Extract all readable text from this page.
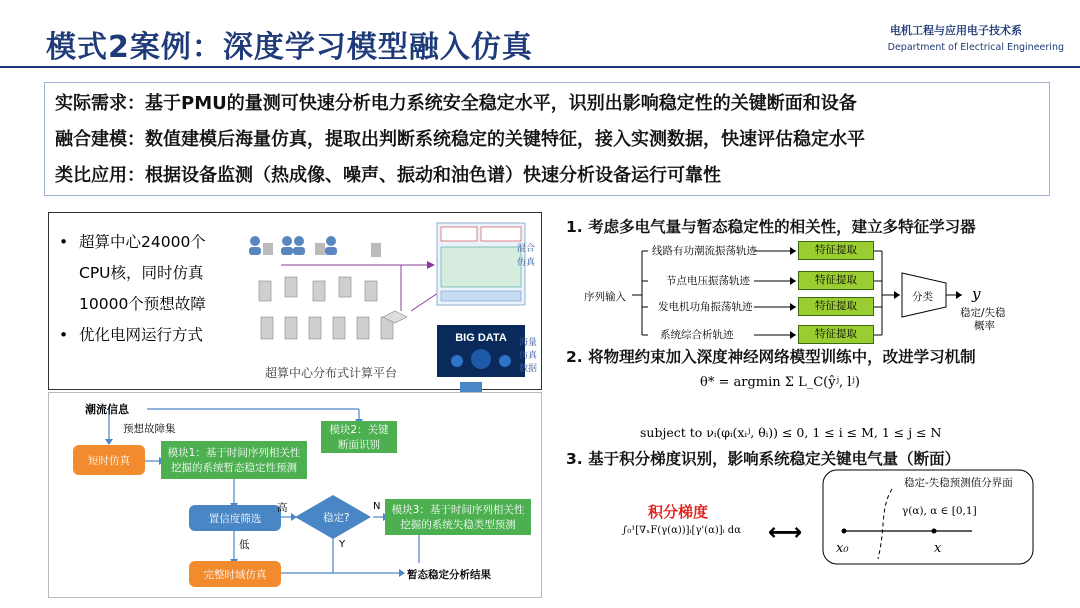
模式2案例：深度学习模型融入仿真	电机工程与应用电子技术系
Department of Electrical Engineering
实际需求：基于PMU的量测可快速分析电力系统安全稳定水平，识别出影响稳定性的关键断面和设备
融合建模：数值建模后海量仿真，提取出判断系统稳定的关键特征，接入实测数据，快速评估稳定水平
类比应用：根据设备监测（热成像、噪声、振动和油色谱）快速分析设备运行可靠性
• 超算中心24000个
CPU核，同时仿真
10000个预想故障
• 优化电网运行方式	BIG DATA
混合
仿真
海量
仿真
数据
超算中心分布式计算平台
潮流信息
预想故障集
短时仿真
模块1：基于时间序列相关性挖掘的系统暂态稳定性预测
模块2：关键断面识别
置信度筛选	稳定?
高
低
N
Y
模块3：基于时间序列相关性挖掘的系统失稳类型预测
完整时域仿真	暂态稳定分析结果
1. 考虑多电气量与暂态稳定性的相关性，建立多特征学习器
序列输入
线路有功潮流振荡轨迹
节点电压振荡轨迹
发电机功角振荡轨迹
系统综合析轨迹
特征提取
特征提取
特征提取
特征提取
分类	y
稳定/失稳
概率
2. 将物理约束加入深度神经网络模型训练中，改进学习机制
θ* = argmin Σ L_C(ŷʲ, lʲ)
subject to νᵢ(φᵢ(xᵢʲ, θᵢ)) ≤ 0, 1 ≤ i ≤ M, 1 ≤ j ≤ N
3. 基于积分梯度识别，影响系统稳定关键电气量（断面）
积分梯度
∫₀¹[∇ₓF(γ(α))]ᵢ[γ'(α)]ᵢ dα ⟷
稳定-失稳预测值分界面
γ(α), α ∈ [0,1]
x₀	x
